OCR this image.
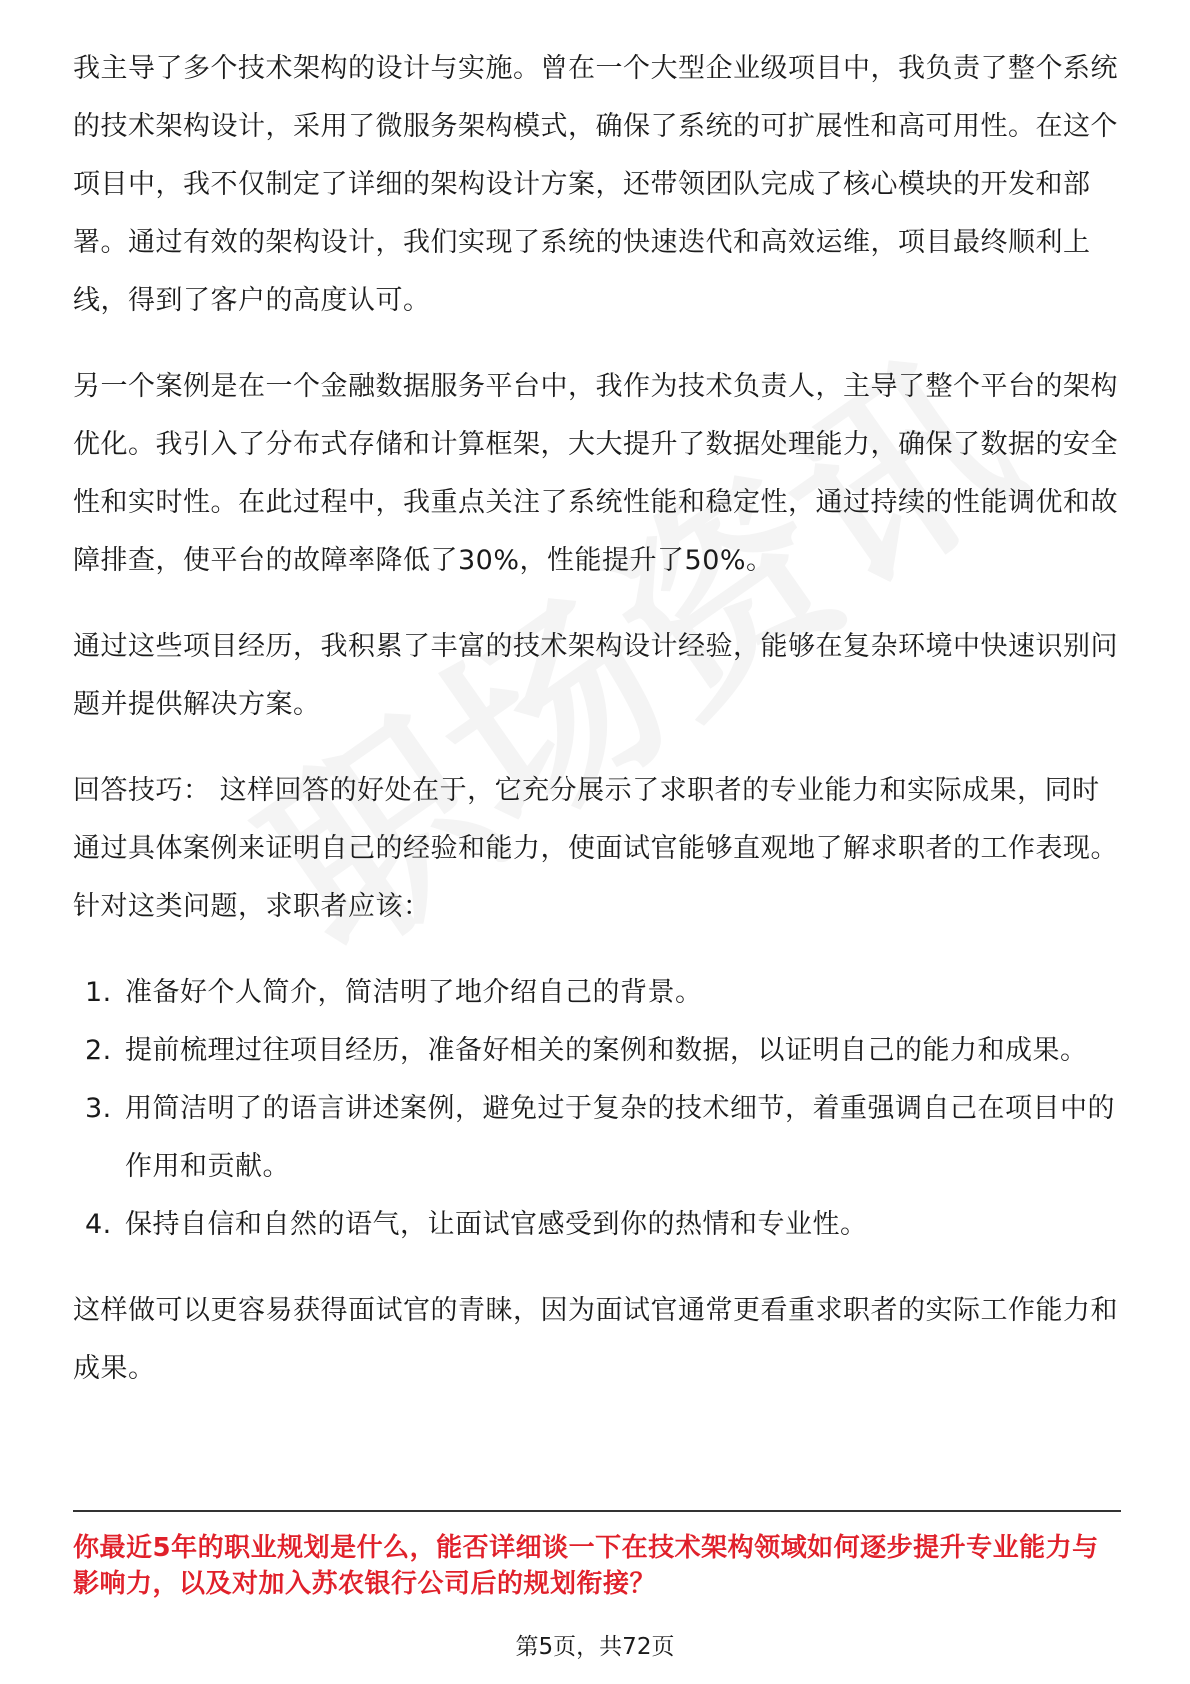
我主导了多个技术架构的设计与实施。曾在一个大型企业级项目中，我负责了整个系统的技术架构设计，采用了微服务架构模式，确保了系统的可扩展性和高可用性。在这个项目中，我不仅制定了详细的架构设计方案，还带领团队完成了核心模块的开发和部署。通过有效的架构设计，我们实现了系统的快速迭代和高效运维，项目最终顺利上线，得到了客户的高度认可。

另一个案例是在一个金融数据服务平台中，我作为技术负责人，主导了整个平台的架构优化。我引入了分布式存储和计算框架，大大提升了数据处理能力，确保了数据的安全性和实时性。在此过程中，我重点关注了系统性能和稳定性，通过持续的性能调优和故障排查，使平台的故障率降低了30%，性能提升了50%。

通过这些项目经历，我积累了丰富的技术架构设计经验，能够在复杂环境中快速识别问题并提供解决方案。

回答技巧： 这样回答的好处在于，它充分展示了求职者的专业能力和实际成果，同时通过具体案例来证明自己的经验和能力，使面试官能够直观地了解求职者的工作表现。针对这类问题，求职者应该：

1. 准备好个人简介，简洁明了地介绍自己的背景。
2. 提前梳理过往项目经历，准备好相关的案例和数据，以证明自己的能力和成果。
3. 用简洁明了的语言讲述案例，避免过于复杂的技术细节，着重强调自己在项目中的作用和贡献。
4. 保持自信和自然的语气，让面试官感受到你的热情和专业性。

这样做可以更容易获得面试官的青睐，因为面试官通常更看重求职者的实际工作能力和成果。

你最近5年的职业规划是什么，能否详细谈一下在技术架构领域如何逐步提升专业能力与影响力，以及对加入苏农银行公司后的规划衔接？
第5页，共72页
